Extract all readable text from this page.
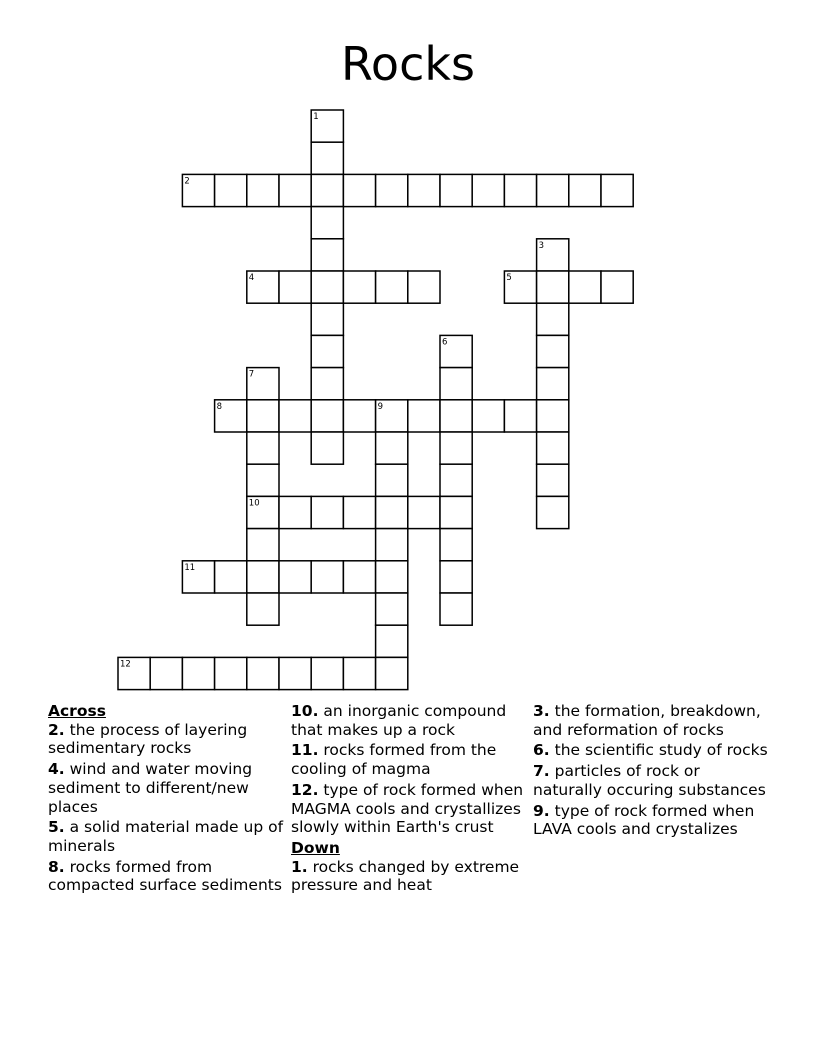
Rocks
1
2
3
4	5
6
7
8	9
10
11
12
Across
2. the process of layering sedimentary rocks
4. wind and water moving sediment to different/new places
5. a solid material made up of minerals
8. rocks formed from compacted surface sediments
10. an inorganic compound that makes up a rock
11. rocks formed from the cooling of magma
12. type of rock formed when MAGMA cools and crystallizes slowly within Earth's crust
Down
1. rocks changed by extreme pressure and heat
3. the formation, breakdown, and reformation of rocks
6. the scientific study of rocks
7. particles of rock or naturally occuring substances
9. type of rock formed when LAVA cools and crystalizes
